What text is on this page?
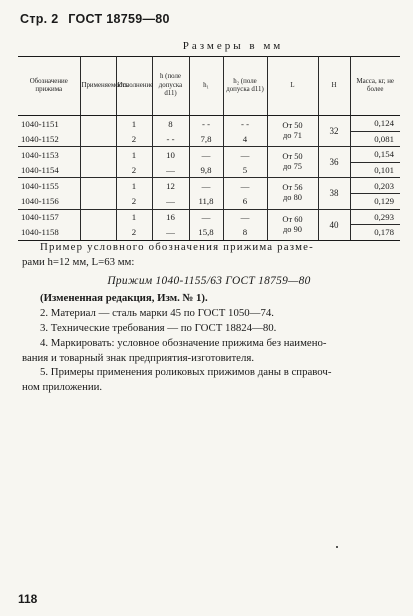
Стр. 2 ГОСТ 18759—80
Размеры в мм
Обозначение прижима	Применяемость	Исполнение	h (поле допуска d11)	h₁	h₂ (поле допуска d11)	L	H	Масса, кг, не более
1040-1151		1	8	- -	- -	От 50
до 71	32	0,124
1040-1152		2	- -	7,8	4			0,081
1040-1153		1	10	—	—	От 50
до 75	36	0,154
1040-1154		2	—	9,8	5			0,101
1040-1155		1	12	—	—	От 56
до 80	38	0,203
1040-1156		2	—	11,8	6			0,129
1040-1157		1	16	—	—	От 60
до 90	40	0,293
1040-1158		2	—	15,8	8			0,178

Пример условного обозначения прижима разме-

рами h=12 мм, L=63 мм:

Прижим 1040-1155/63 ГОСТ 18759—80

(Измененная редакция, Изм. № 1).

2. Материал — сталь марки 45 по ГОСТ 1050—74.

3. Технические требования — по ГОСТ 18824—80.

4. Маркировать: условное обозначение прижима без наимено-

вания и товарный знак предприятия-изготовителя.

5. Примеры применения роликовых прижимов даны в справоч-

ном приложении.

118
